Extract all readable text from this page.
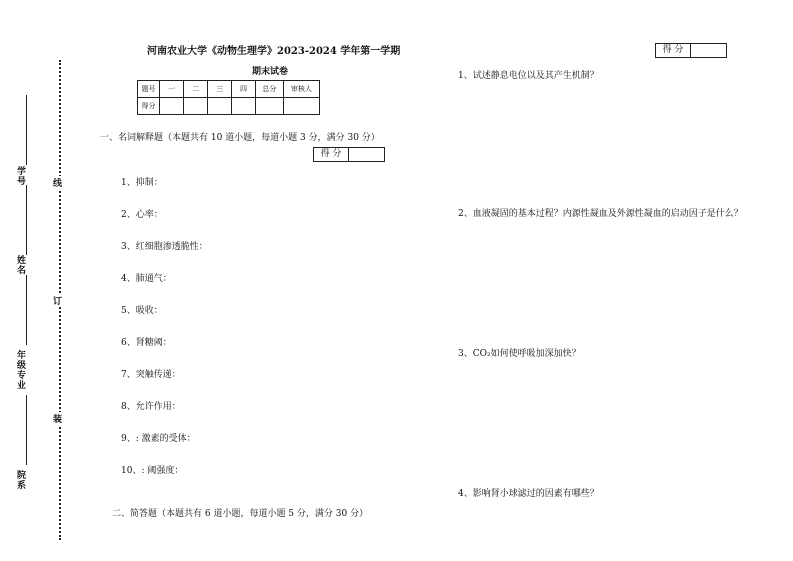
学号
姓名
年级专业
院系
线
订
装
河南农业大学《动物生理学》2023-2024 学年第一学期
期末试卷
题号	一	二	三	四	总分	审核人
得分						
一、名词解释题（本题共有 10 道小题，每道小题 3 分，满分 30 分）
得 分
1、抑制：
2、心率：
3、红细胞渗透脆性：
4、肺通气：
5、吸收：
6、肾糖阈：
7、突触传递：
8、允许作用：
9、: 激素的受体：
10、: 阈强度：
二、简答题（本题共有 6 道小题，每道小题 5 分，满分 30 分）
得 分
1、试述静息电位以及其产生机制？
2、血液凝固的基本过程？内源性凝血及外源性凝血的启动因子是什么？
3、CO₂如何使呼吸加深加快？
4、影响肾小球滤过的因素有哪些？
